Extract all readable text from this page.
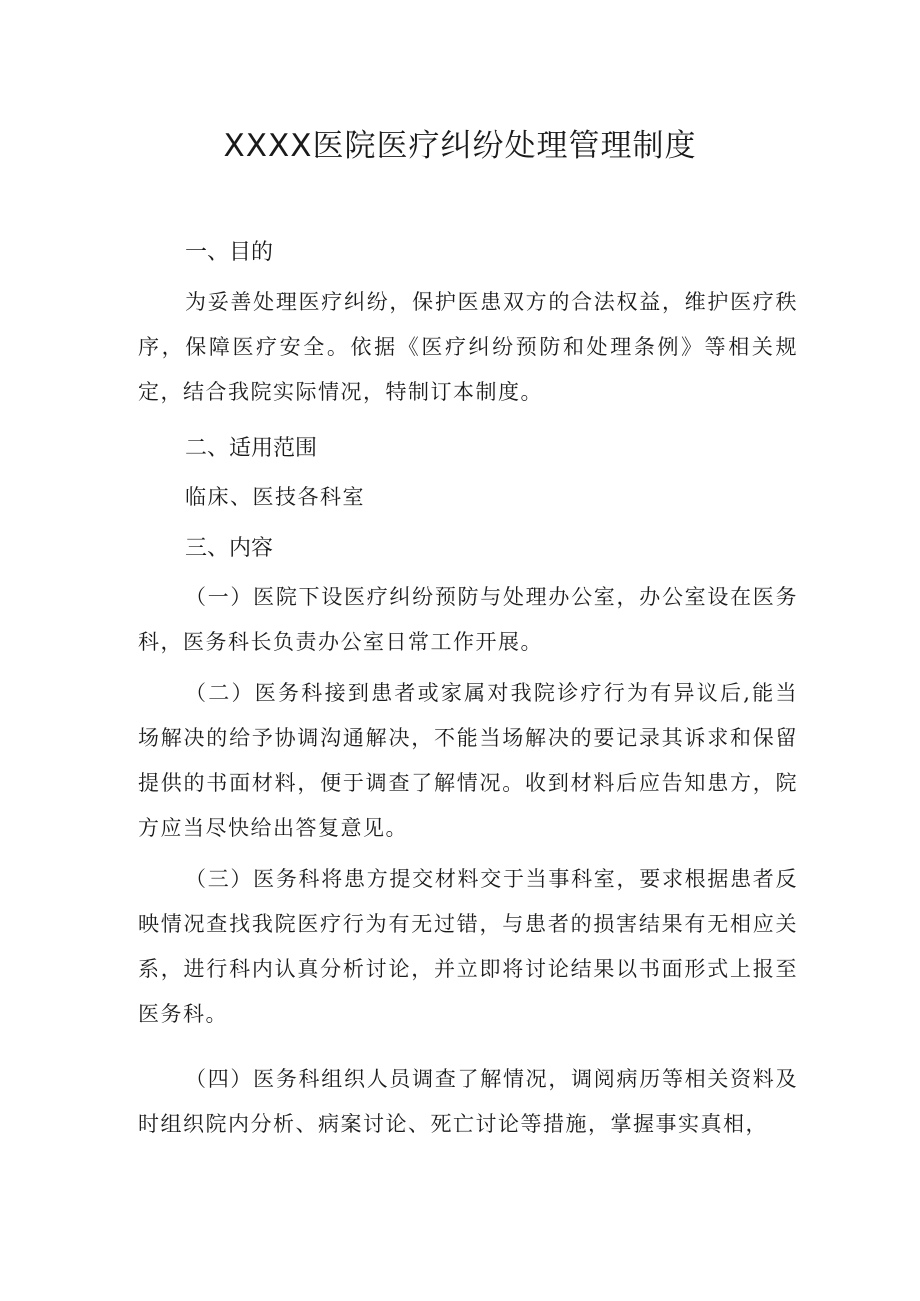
XXXX医院医疗纠纷处理管理制度
一、目的
为妥善处理医疗纠纷，保护医患双方的合法权益，维护医疗秩序，保障医疗安全。依据《医疗纠纷预防和处理条例》等相关规定，结合我院实际情况，特制订本制度。
二、适用范围
临床、医技各科室
三、内容
（一）医院下设医疗纠纷预防与处理办公室，办公室设在医务科，医务科长负责办公室日常工作开展。
（二）医务科接到患者或家属对我院诊疗行为有异议后,能当场解决的给予协调沟通解决，不能当场解决的要记录其诉求和保留提供的书面材料，便于调查了解情况。收到材料后应告知患方，院方应当尽快给出答复意见。
（三）医务科将患方提交材料交于当事科室，要求根据患者反映情况查找我院医疗行为有无过错，与患者的损害结果有无相应关系，进行科内认真分析讨论，并立即将讨论结果以书面形式上报至医务科。
（四）医务科组织人员调查了解情况，调阅病历等相关资料及时组织院内分析、病案讨论、死亡讨论等措施，掌握事实真相，
